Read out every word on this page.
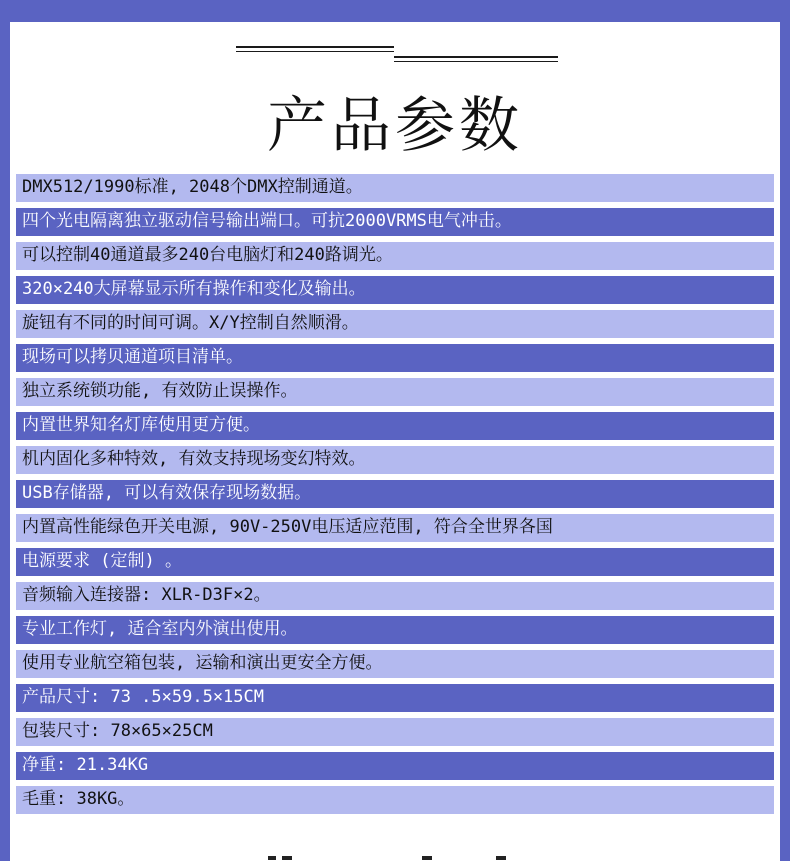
产品参数
DMX512/1990标准, 2048个DMX控制通道。
四个光电隔离独立驱动信号输出端口。可抗2000VRMS电气冲击。
可以控制40通道最多240台电脑灯和240路调光。
320×240大屏幕显示所有操作和变化及输出。
旋钮有不同的时间可调。X/Y控制自然顺滑。
现场可以拷贝通道项目清单。
独立系统锁功能, 有效防止误操作。
内置世界知名灯库使用更方便。
机内固化多种特效, 有效支持现场变幻特效。
USB存储器, 可以有效保存现场数据。
内置高性能绿色开关电源, 90V-250V电压适应范围, 符合全世界各国
电源要求 (定制) 。
音频输入连接器: XLR-D3F×2。
专业工作灯, 适合室内外演出使用。
使用专业航空箱包装, 运输和演出更安全方便。
产品尺寸: 73 .5×59.5×15CM
包装尺寸: 78×65×25CM
净重: 21.34KG
毛重: 38KG。
